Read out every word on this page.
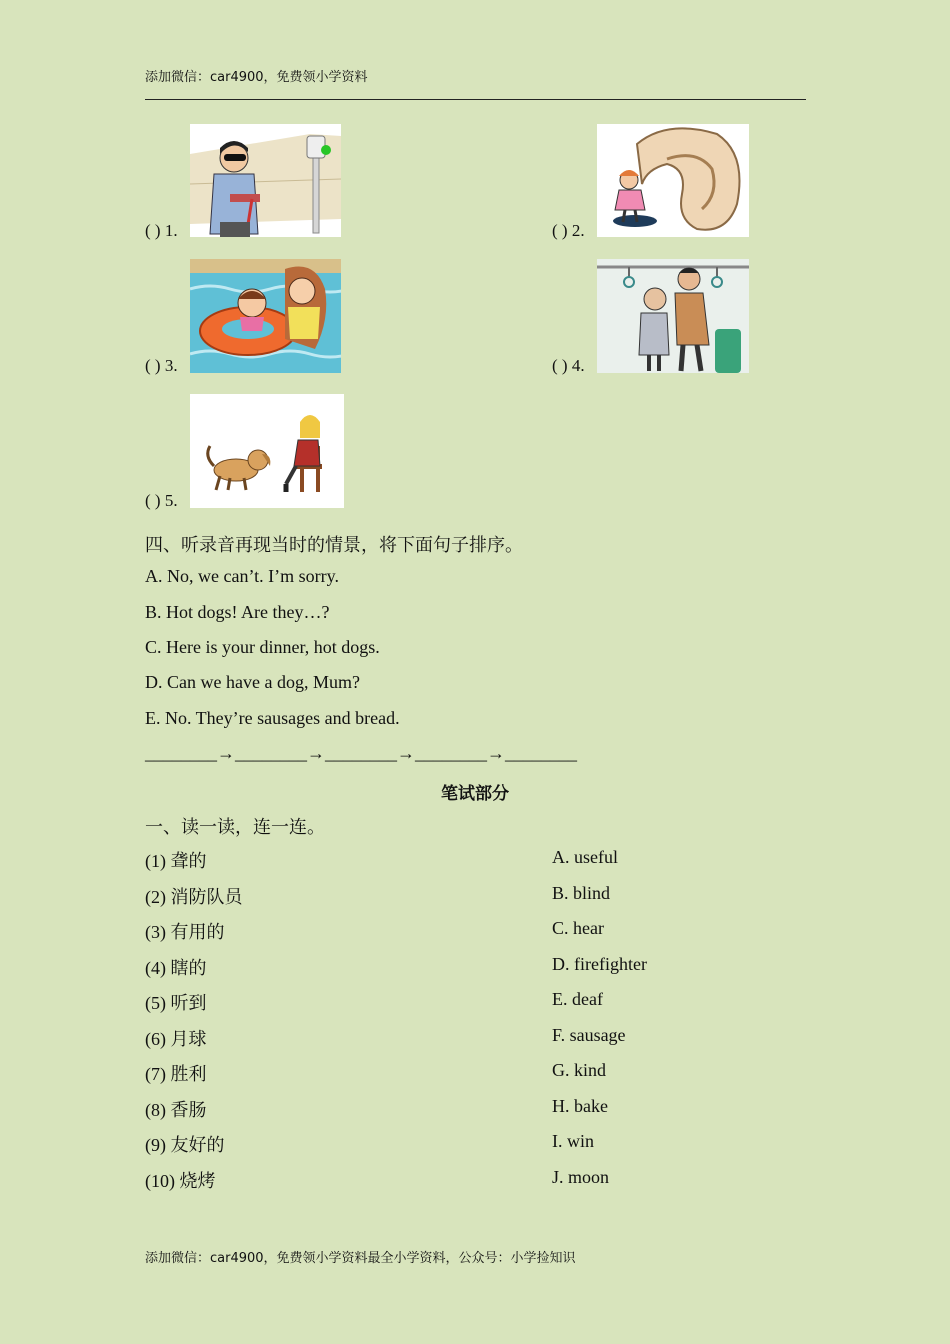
添加微信：car4900，免费领小学资料
( ) 1.	( ) 2.
( ) 3.	( ) 4.
( ) 5.
四、听录音再现当时的情景，将下面句子排序。
A. No, we can’t. I’m sorry.
B. Hot dogs! Are they…?
C. Here is your dinner, hot dogs.
D. Can we have a dog, Mum?
E. No. They’re sausages and bread.
________→________→________→________→________
笔试部分
一、读一读，连一连。
(1) 聋的
(2) 消防队员
(3) 有用的
(4) 瞎的
(5) 听到
(6) 月球
(7) 胜利
(8) 香肠
(9) 友好的
(10) 烧烤
A. useful
B. blind
C. hear
D. firefighter
E. deaf
F. sausage
G. kind
H. bake
I. win
J. moon
添加微信：car4900，免费领小学资料最全小学资料，公众号：小学捡知识
